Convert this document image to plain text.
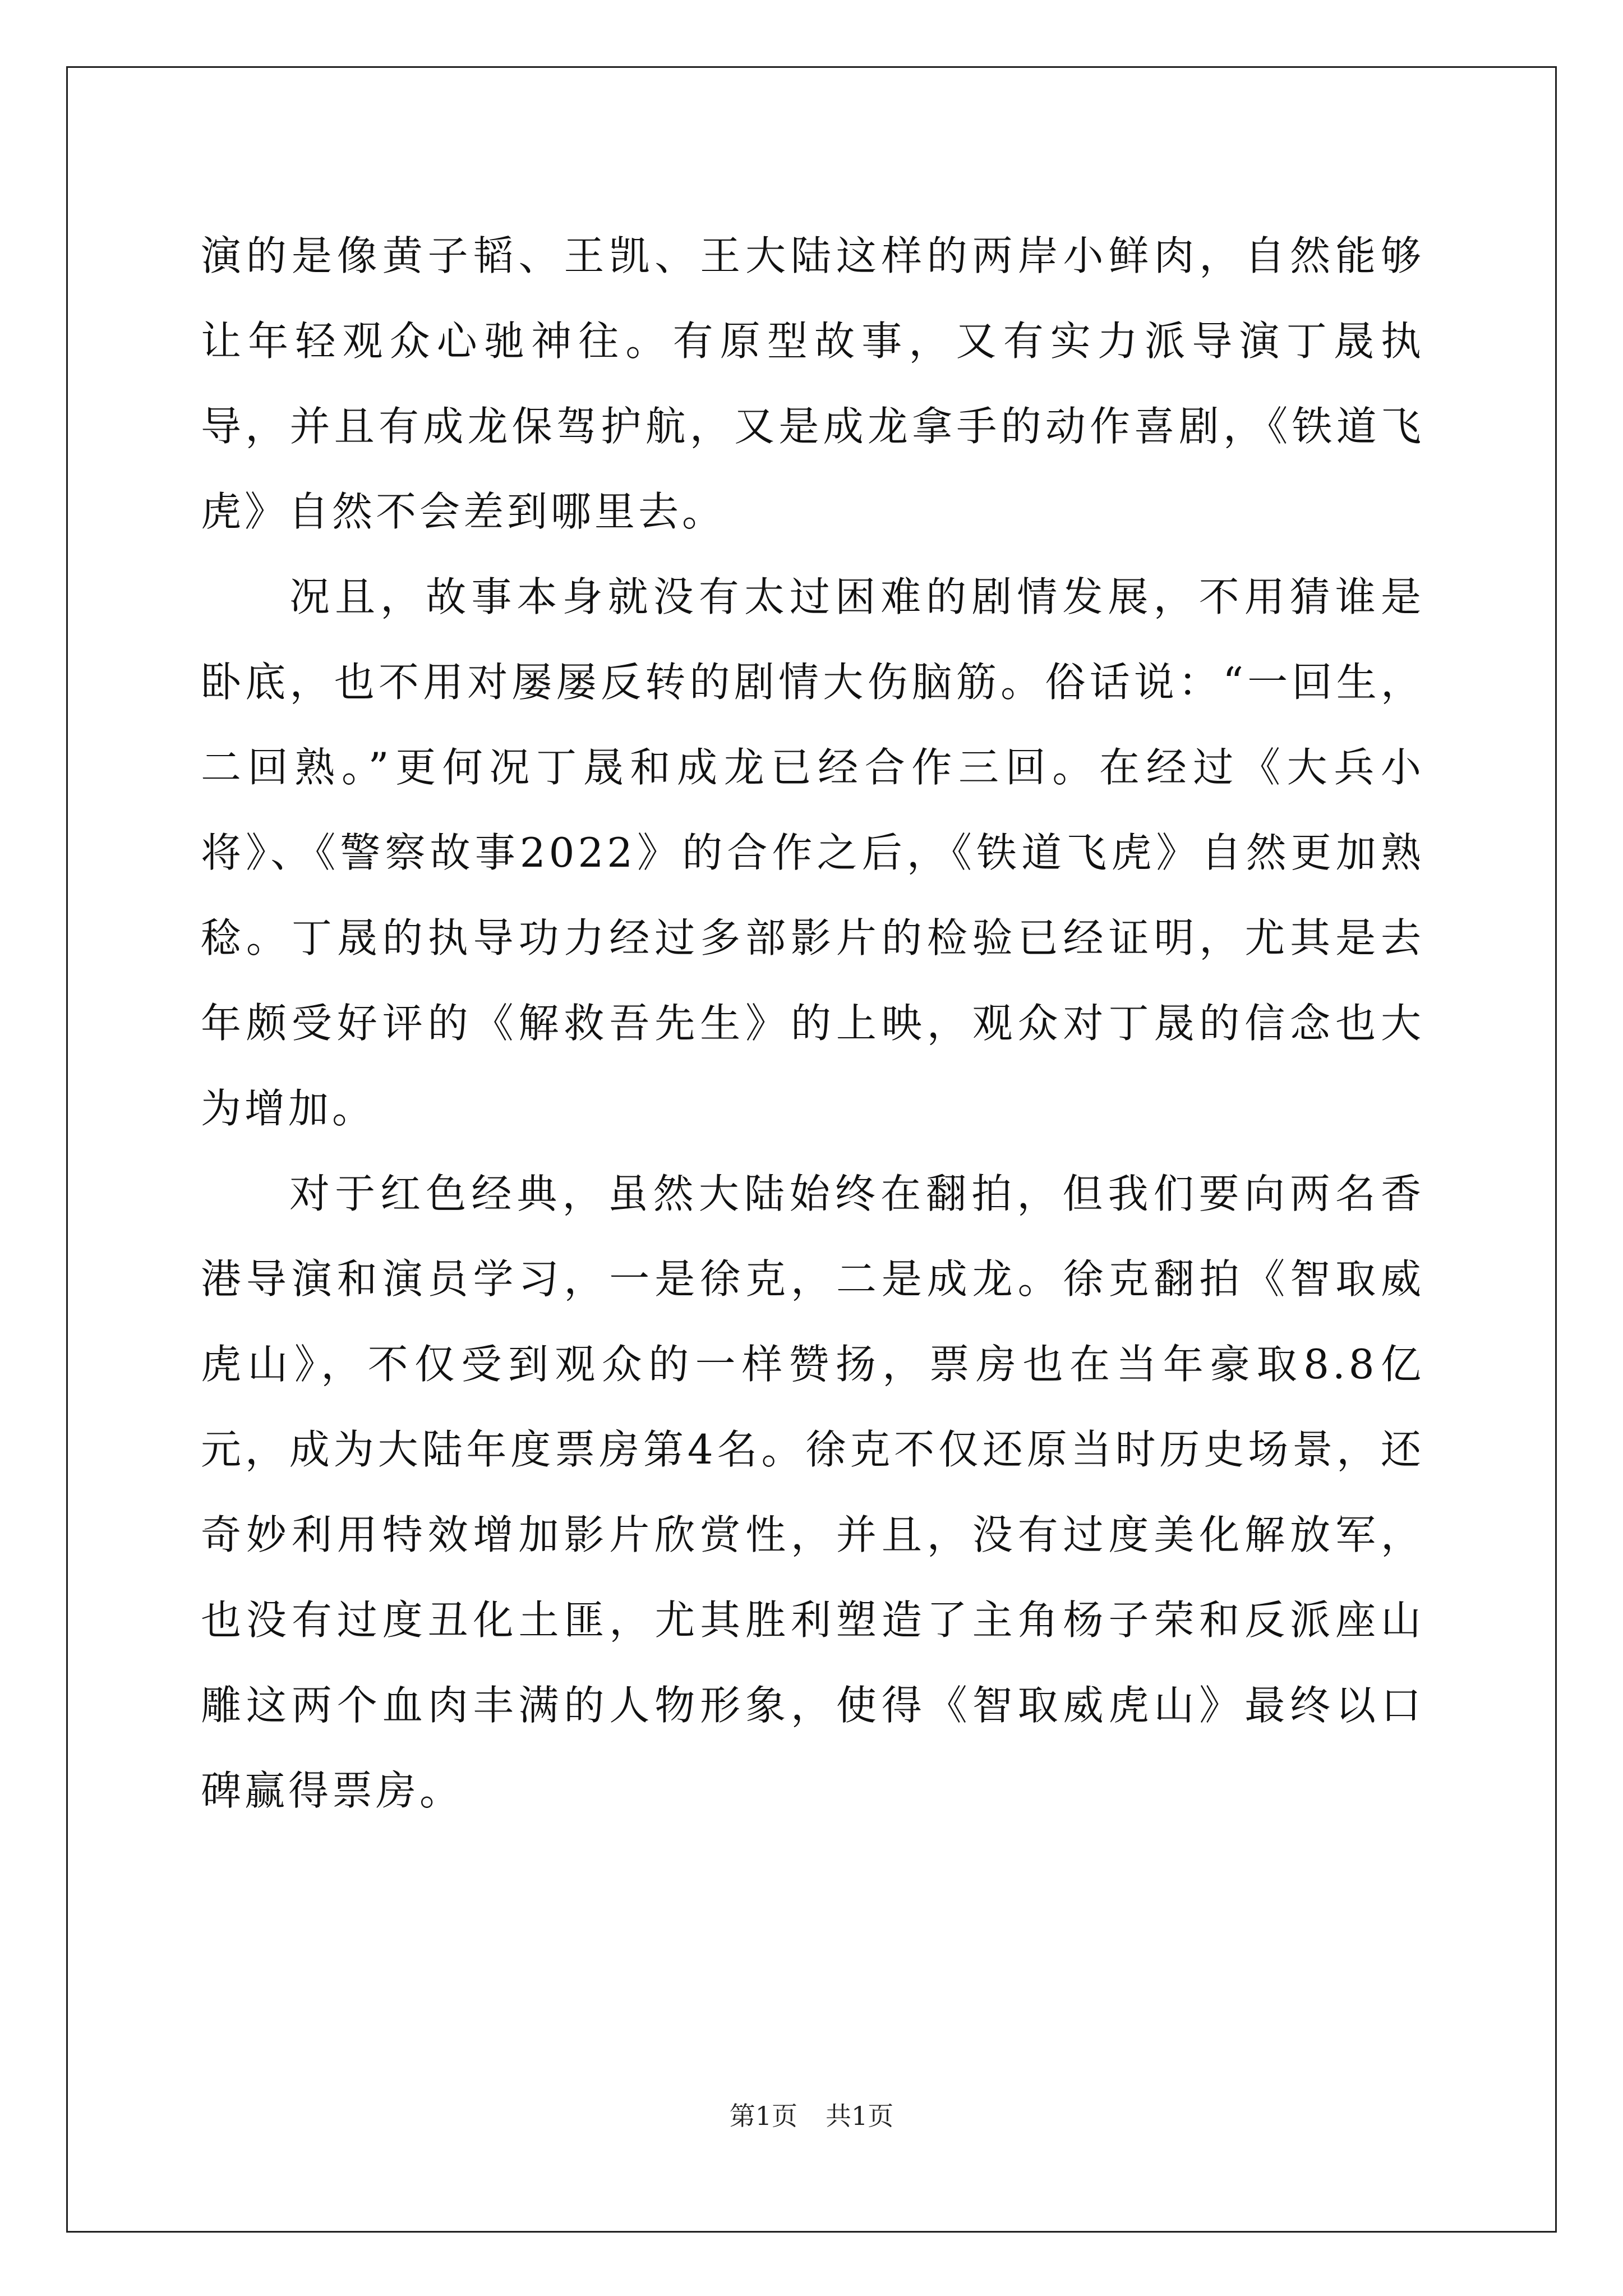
演的是像黄子韬、王凯、王大陆这样的两岸小鲜肉，自然能够让年轻观众心驰神往。有原型故事，又有实力派导演丁晟执导，并且有成龙保驾护航，又是成龙拿手的动作喜剧，《铁道飞虎》自然不会差到哪里去。

况且，故事本身就没有太过困难的剧情发展，不用猜谁是卧底，也不用对屡屡反转的剧情大伤脑筋。俗话说：“一回生，二回熟。”更何况丁晟和成龙已经合作三回。在经过《大兵小将》、《警察故事2022》的合作之后，《铁道飞虎》自然更加熟稔。丁晟的执导功力经过多部影片的检验已经证明，尤其是去年颇受好评的《解救吾先生》的上映，观众对丁晟的信念也大为增加。

对于红色经典，虽然大陆始终在翻拍，但我们要向两名香港导演和演员学习，一是徐克，二是成龙。徐克翻拍《智取威虎山》，不仅受到观众的一样赞扬，票房也在当年豪取8.8亿元，成为大陆年度票房第4名。徐克不仅还原当时历史场景，还奇妙利用特效增加影片欣赏性，并且，没有过度美化解放军，也没有过度丑化土匪，尤其胜利塑造了主角杨子荣和反派座山雕这两个血肉丰满的人物形象，使得《智取威虎山》最终以口碑赢得票房。

第1页 共1页
